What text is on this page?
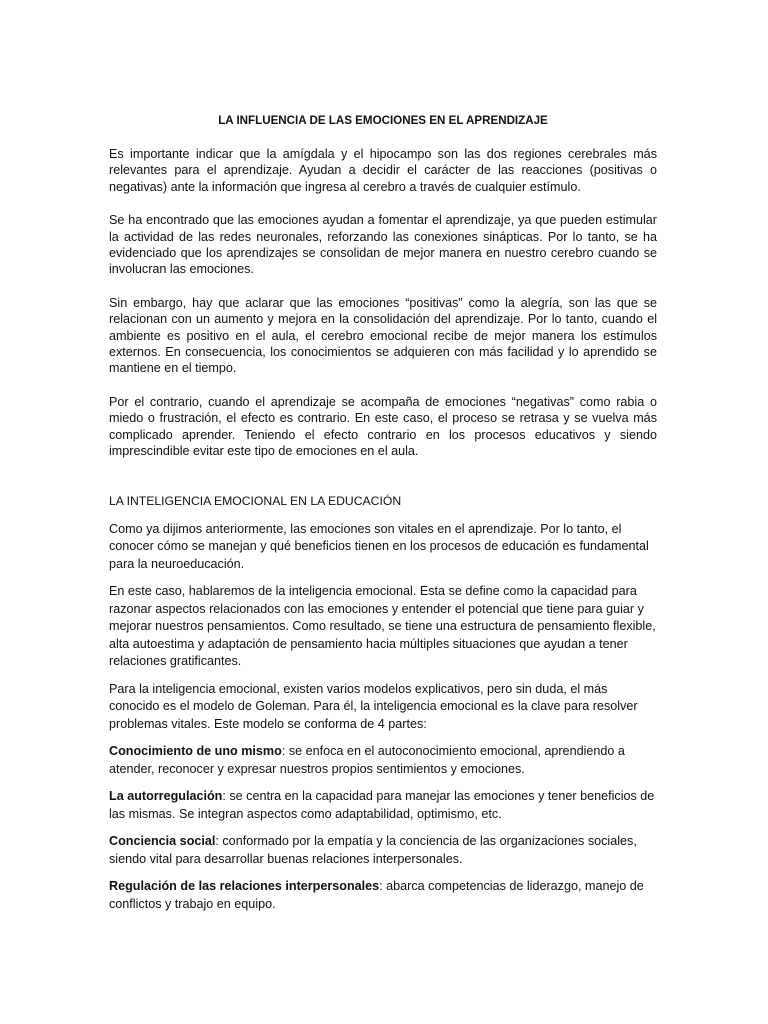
LA INFLUENCIA DE LAS EMOCIONES EN EL APRENDIZAJE

Es importante indicar que la amígdala y el hipocampo son las dos regiones cerebrales más relevantes para el aprendizaje. Ayudan a decidir el carácter de las reacciones (positivas o negativas) ante la información que ingresa al cerebro a través de cualquier estímulo.

Se ha encontrado que las emociones ayudan a fomentar el aprendizaje, ya que pueden estimular la actividad de las redes neuronales, reforzando las conexiones sinápticas. Por lo tanto, se ha evidenciado que los aprendizajes se consolidan de mejor manera en nuestro cerebro cuando se involucran las emociones.

Sin embargo, hay que aclarar que las emociones “positivas” como la alegría, son las que se relacionan con un aumento y mejora en la consolidación del aprendizaje. Por lo tanto, cuando el ambiente es positivo en el aula, el cerebro emocional recibe de mejor manera los estímulos externos. En consecuencia, los conocimientos se adquieren con más facilidad y lo aprendido se mantiene en el tiempo.

Por el contrario, cuando el aprendizaje se acompaña de emociones “negativas” como rabia o miedo o frustración, el efecto es contrario. En este caso, el proceso se retrasa y se vuelva más complicado aprender. Teniendo el efecto contrario en los procesos educativos y siendo imprescindible evitar este tipo de emociones en el aula.

LA INTELIGENCIA EMOCIONAL EN LA EDUCACIÓN

Como ya dijimos anteriormente, las emociones son vitales en el aprendizaje. Por lo tanto, el conocer cómo se manejan y qué beneficios tienen en los procesos de educación es fundamental para la neuroeducación.

En este caso, hablaremos de la inteligencia emocional. Esta se define como la capacidad para razonar aspectos relacionados con las emociones y entender el potencial que tiene para guiar y mejorar nuestros pensamientos. Como resultado, se tiene una estructura de pensamiento flexible, alta autoestima y adaptación de pensamiento hacia múltiples situaciones que ayudan a tener relaciones gratificantes.

Para la inteligencia emocional, existen varios modelos explicativos, pero sin duda, el más conocido es el modelo de Goleman. Para él, la inteligencia emocional es la clave para resolver problemas vitales. Este modelo se conforma de 4 partes:

Conocimiento de uno mismo: se enfoca en el autoconocimiento emocional, aprendiendo a atender, reconocer y expresar nuestros propios sentimientos y emociones.

La autorregulación: se centra en la capacidad para manejar las emociones y tener beneficios de las mismas. Se integran aspectos como adaptabilidad, optimismo, etc.

Conciencia social: conformado por la empatía y la conciencia de las organizaciones sociales, siendo vital para desarrollar buenas relaciones interpersonales.

Regulación de las relaciones interpersonales: abarca competencias de liderazgo, manejo de conflictos y trabajo en equipo.
